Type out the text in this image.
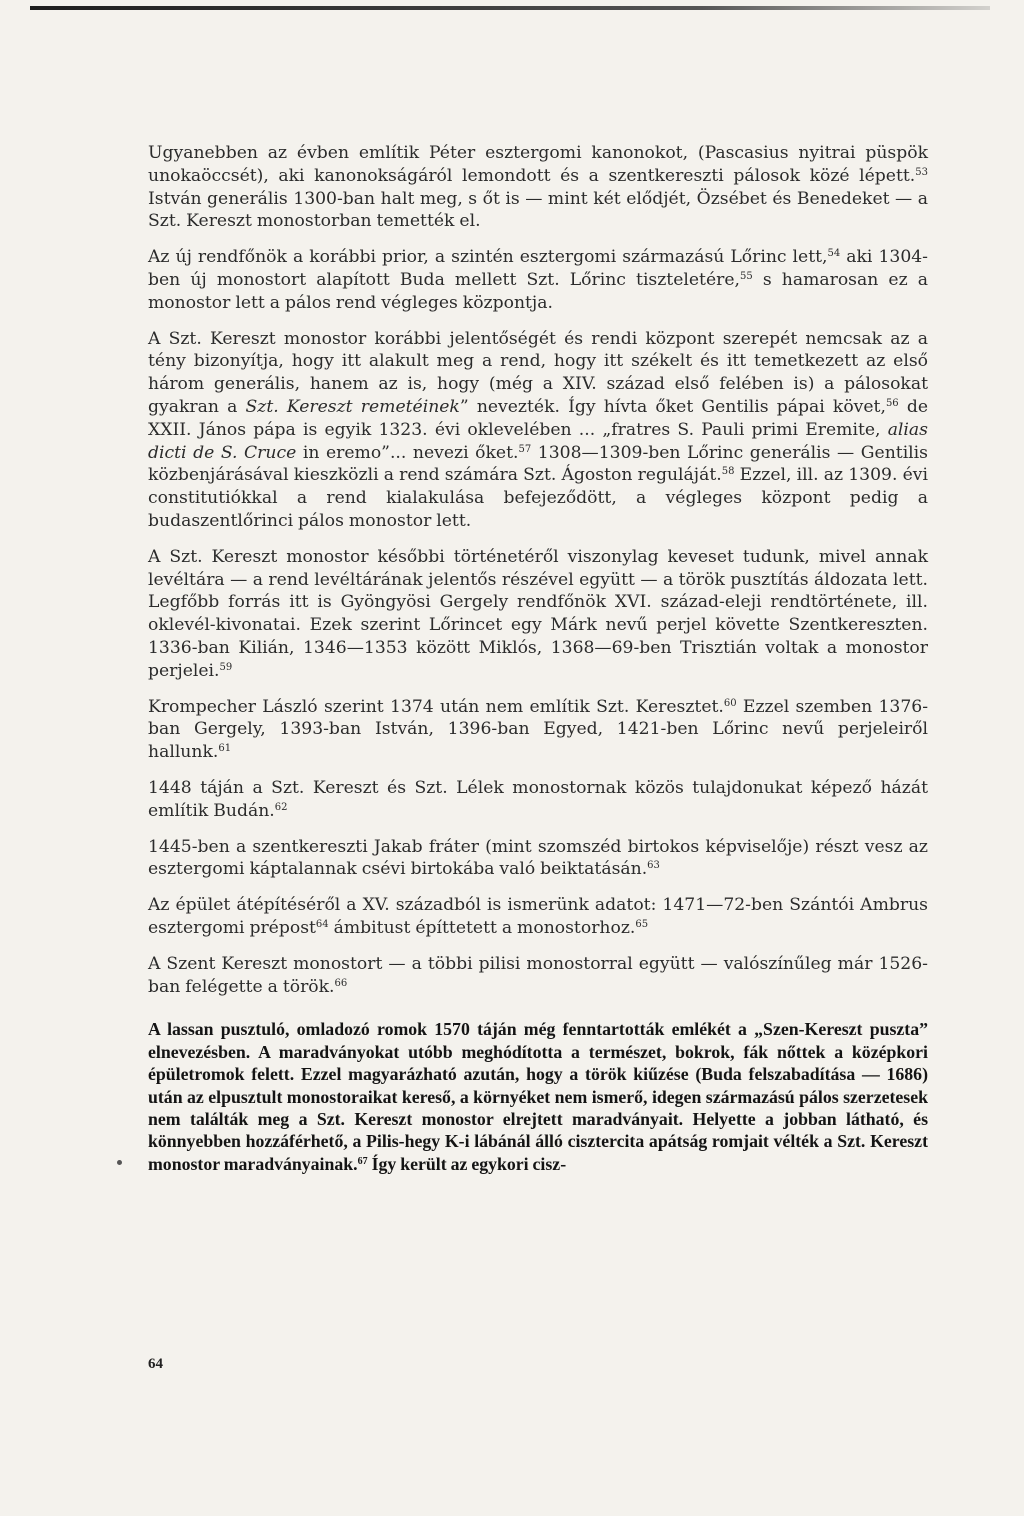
Ugyanebben az évben említik Péter esztergomi kanonokot, (Pascasius nyitrai püspök unokaöccsét), aki kanonokságáról lemondott és a szentkereszti pálosok közé lépett.$^{53}$ István generális 1300-ban halt meg, s őt is — mint két elődjét, Özsébet és Benedeket — a Szt. Kereszt monostorban temették el.

Az új rendfőnök a korábbi prior, a szintén esztergomi származású Lőrinc lett,$^{54}$ aki 1304-ben új monostort alapított Buda mellett Szt. Lőrinc tiszteletére,$^{55}$ s hamarosan ez a monostor lett a pálos rend végleges központja.

A Szt. Kereszt monostor korábbi jelentőségét és rendi központ szerepét nemcsak az a tény bizonyítja, hogy itt alakult meg a rend, hogy itt székelt és itt temetkezett az első három generális, hanem az is, hogy (még a XIV. század első felében is) a pálosokat gyakran a Szt. Kereszt remetéinek” nevezték. Így hívta őket Gentilis pápai követ,$^{56}$ de XXII. János pápa is egyik 1323. évi oklevelében ... „fratres S. Pauli primi Eremite, alias dicti de S. Cruce in eremo”... nevezi őket.$^{57}$ 1308—1309-ben Lőrinc generális — Gentilis közbenjárásával kieszközli a rend számára Szt. Ágoston reguláját.$^{58}$ Ezzel, ill. az 1309. évi constitutiókkal a rend kialakulása befejeződött, a végleges központ pedig a budaszentlőrinci pálos monostor lett.

A Szt. Kereszt monostor későbbi történetéről viszonylag keveset tudunk, mivel annak levéltára — a rend levéltárának jelentős részével együtt — a török pusztítás áldozata lett. Legfőbb forrás itt is Gyöngyösi Gergely rendfőnök XVI. század-eleji rendtörténete, ill. oklevél-kivonatai. Ezek szerint Lőrincet egy Márk nevű perjel követte Szentkereszten. 1336-ban Kilián, 1346—1353 között Miklós, 1368—69-ben Trisztián voltak a monostor perjelei.$^{59}$

Krompecher László szerint 1374 után nem említik Szt. Keresztet.$^{60}$ Ezzel szemben 1376-ban Gergely, 1393-ban István, 1396-ban Egyed, 1421-ben Lőrinc nevű perjeleiről hallunk.$^{61}$

1448 táján a Szt. Kereszt és Szt. Lélek monostornak közös tulajdonukat képező házát említik Budán.$^{62}$

1445-ben a szentkereszti Jakab fráter (mint szomszéd birtokos képviselője) részt vesz az esztergomi káptalannak csévi birtokába való beiktatásán.$^{63}$

Az épület átépítéséről a XV. századból is ismerünk adatot: 1471—72-ben Szántói Ambrus esztergomi prépost$^{64}$ ámbitust építtetett a monostorhoz.$^{65}$

A Szent Kereszt monostort — a többi pilisi monostorral együtt — valószínűleg már 1526-ban felégette a török.$^{66}$

A lassan pusztuló, omladozó romok 1570 táján még fenntartották emlékét a „Szen-Kereszt puszta” elnevezésben. A maradványokat utóbb meghódította a természet, bokrok, fák nőttek a középkori épületromok felett. Ezzel magyarázható azután, hogy a török kiűzése (Buda felszabadítása — 1686) után az elpusztult monostoraikat kereső, a környéket nem ismerő, idegen származású pálos szerzetesek nem találták meg a Szt. Kereszt monostor elrejtett maradványait. Helyette a jobban látható, és könnyebben hozzáférhető, a Pilis-hegy K-i lábánál álló cisztercita apátság romjait vélték a Szt. Kereszt monostor maradványainak.$^{67}$ Így került az egykori cisz-

64
